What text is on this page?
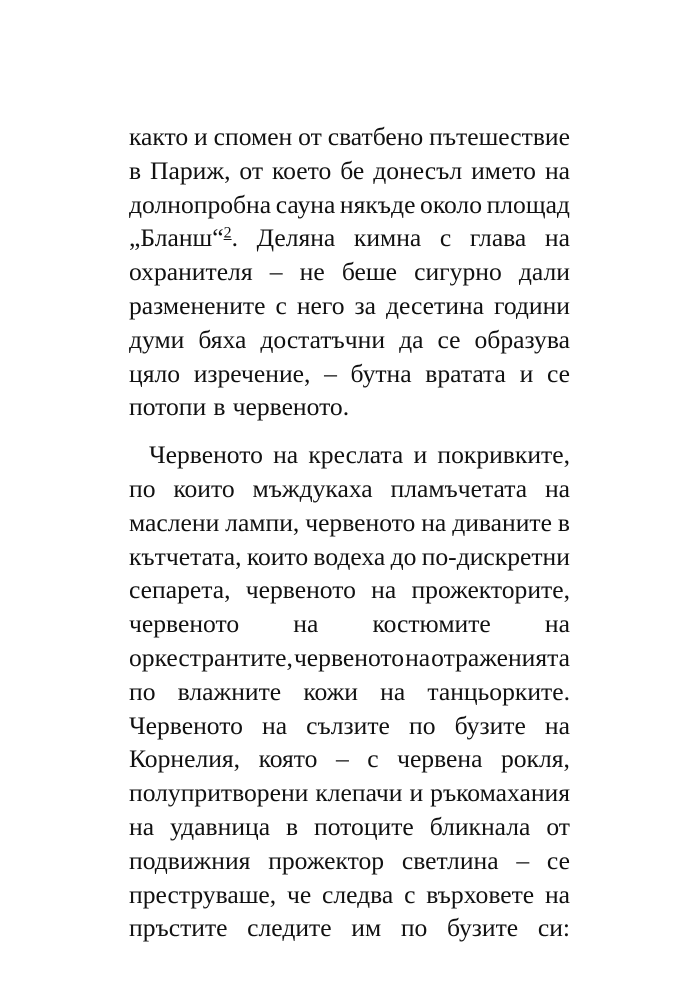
както и спомен от сватбено пътешествие
в Париж, от което бе донесъл името на
долнопробна сауна някъде около площад
„Бланш“$^2$. Деляна кимна с глава на
охранителя – не беше сигурно дали
разменените с него за десетина години
думи бяха достатъчни да се образува
цяло изречение, – бутна вратата и се
потопи в червеното.
Червеното на креслата и покривките,
по които мъждукаха пламъчетата на
маслени лампи, червеното на диваните в
кътчетата, които водеха до по-дискретни
сепарета, червеното на прожекторите,
червеното на костюмите на
оркестрантите, червеното на отраженията
по влажните кожи на танцьорките.
Червеното на сълзите по бузите на
Корнелия, която – с червена рокля,
полупритворени клепачи и ръкомахания
на удавница в потоците бликнала от
подвижния прожектор светлина – се
преструваше, че следва с върховете на
пръстите следите им по бузите си:
